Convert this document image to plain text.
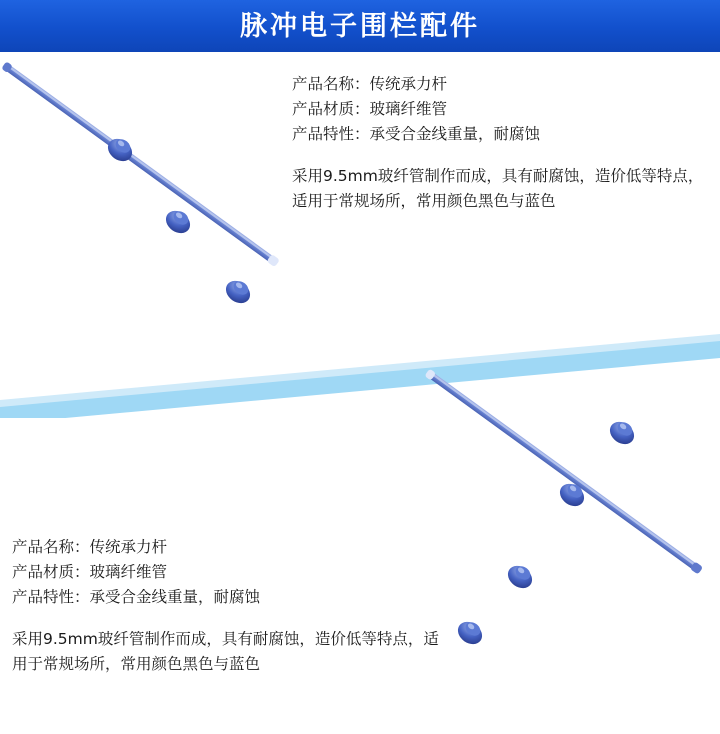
脉冲电子围栏配件
产品名称：传统承力杆
产品材质：玻璃纤维管
产品特性：承受合金线重量，耐腐蚀
采用9.5mm玻纤管制作而成，具有耐腐蚀，造价低等特点，适用于常规场所，常用颜色黑色与蓝色
产品名称：传统承力杆
产品材质：玻璃纤维管
产品特性：承受合金线重量，耐腐蚀
采用9.5mm玻纤管制作而成，具有耐腐蚀，造价低等特点，适用于常规场所，常用颜色黑色与蓝色
